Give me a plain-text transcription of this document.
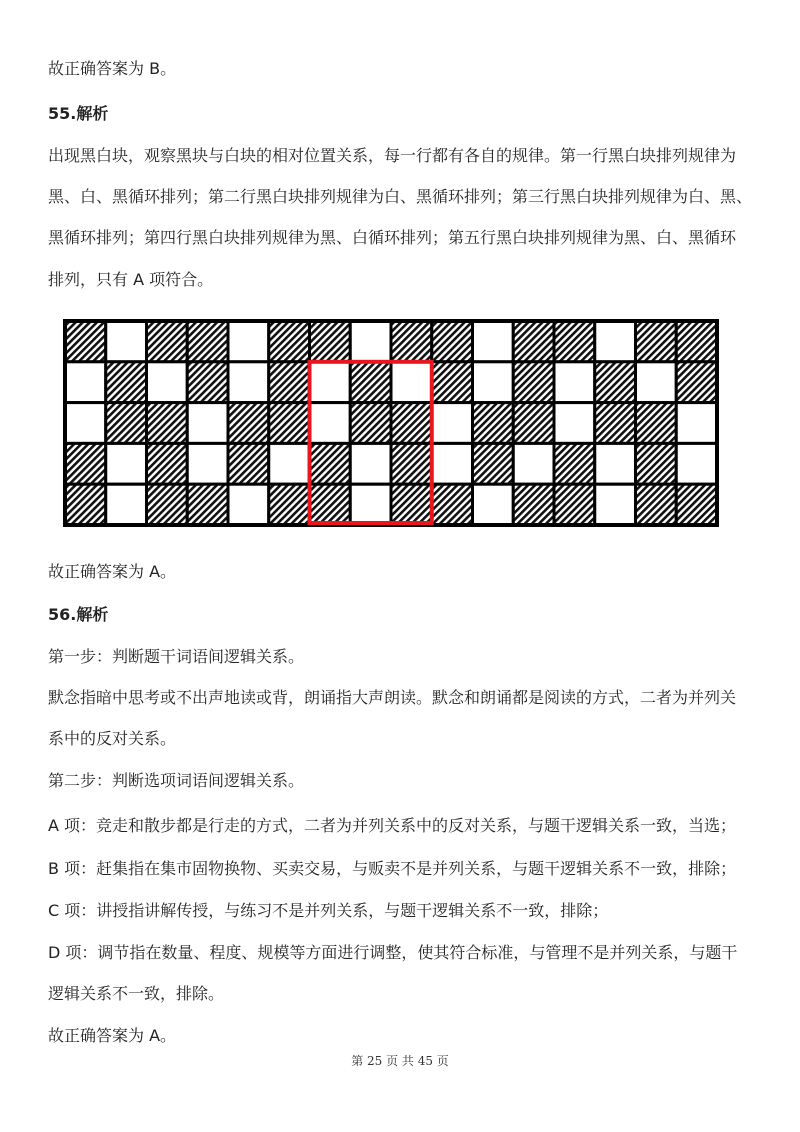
故正确答案为 B。

55.解析

出现黑白块，观察黑块与白块的相对位置关系，每一行都有各自的规律。第一行黑白块排列规律为

黑、白、黑循环排列；第二行黑白块排列规律为白、黑循环排列；第三行黑白块排列规律为白、黑、

黑循环排列；第四行黑白块排列规律为黑、白循环排列；第五行黑白块排列规律为黑、白、黑循环

排列，只有 A 项符合。

故正确答案为 A。

56.解析

第一步：判断题干词语间逻辑关系。

默念指暗中思考或不出声地读或背，朗诵指大声朗读。默念和朗诵都是阅读的方式，二者为并列关

系中的反对关系。

第二步：判断选项词语间逻辑关系。

A 项：竞走和散步都是行走的方式，二者为并列关系中的反对关系，与题干逻辑关系一致，当选；

B 项：赶集指在集市固物换物、买卖交易，与贩卖不是并列关系，与题干逻辑关系不一致，排除；

C 项：讲授指讲解传授，与练习不是并列关系，与题干逻辑关系不一致，排除；

D 项：调节指在数量、程度、规模等方面进行调整，使其符合标准，与管理不是并列关系，与题干

逻辑关系不一致，排除。

故正确答案为 A。

第 25 页 共 45 页
